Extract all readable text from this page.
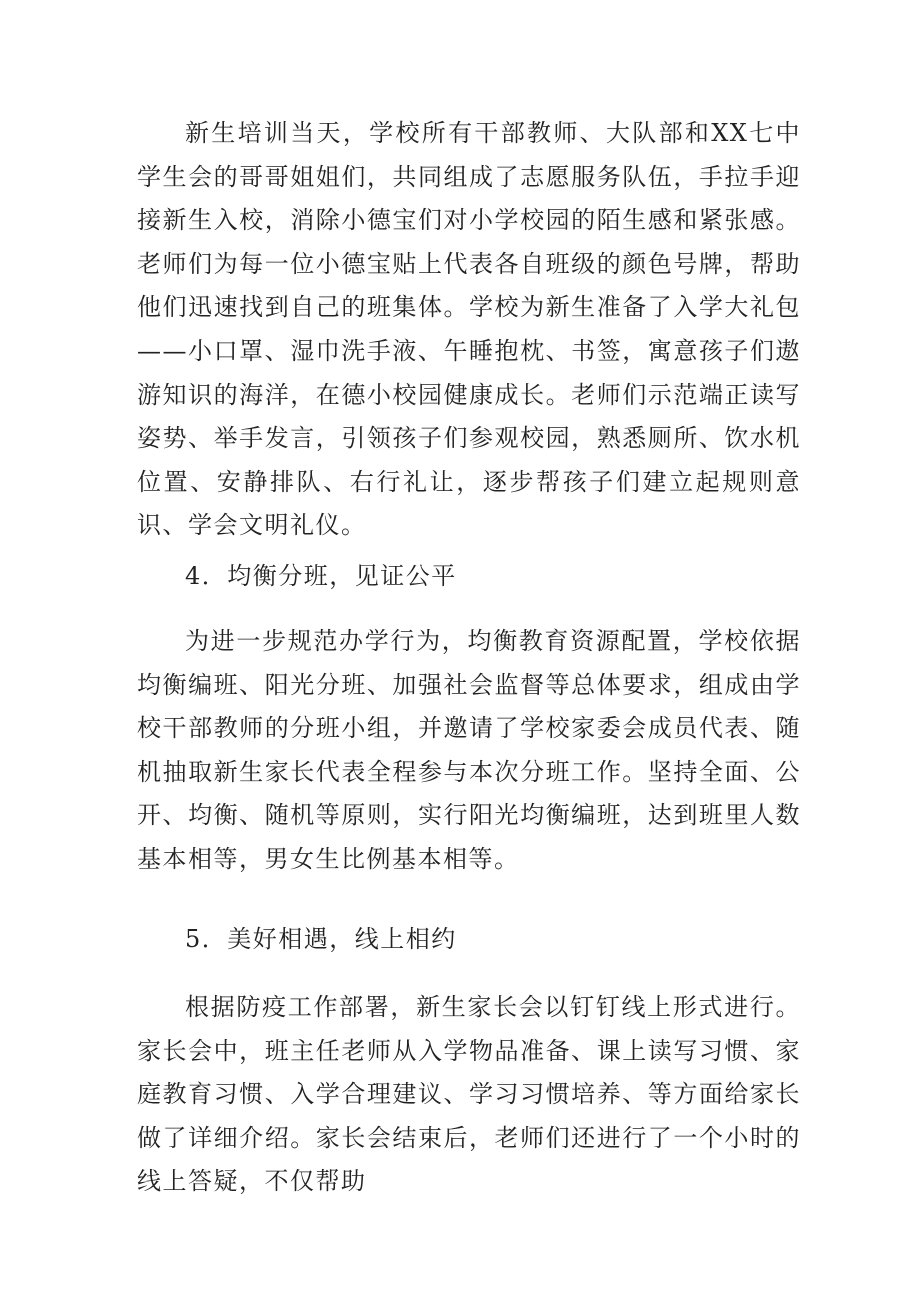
新生培训当天，学校所有干部教师、大队部和XX七中学生会的哥哥姐姐们，共同组成了志愿服务队伍，手拉手迎接新生入校，消除小德宝们对小学校园的陌生感和紧张感。老师们为每一位小德宝贴上代表各自班级的颜色号牌，帮助他们迅速找到自己的班集体。学校为新生准备了入学大礼包——小口罩、湿巾洗手液、午睡抱枕、书签，寓意孩子们遨游知识的海洋，在德小校园健康成长。老师们示范端正读写姿势、举手发言，引领孩子们参观校园，熟悉厕所、饮水机位置、安静排队、右行礼让，逐步帮孩子们建立起规则意识、学会文明礼仪。

4．均衡分班，见证公平

为进一步规范办学行为，均衡教育资源配置，学校依据均衡编班、阳光分班、加强社会监督等总体要求，组成由学校干部教师的分班小组，并邀请了学校家委会成员代表、随机抽取新生家长代表全程参与本次分班工作。坚持全面、公开、均衡、随机等原则，实行阳光均衡编班，达到班里人数基本相等，男女生比例基本相等。

5．美好相遇，线上相约

根据防疫工作部署，新生家长会以钉钉线上形式进行。家长会中，班主任老师从入学物品准备、课上读写习惯、家庭教育习惯、入学合理建议、学习习惯培养、等方面给家长做了详细介绍。家长会结束后，老师们还进行了一个小时的线上答疑，不仅帮助
